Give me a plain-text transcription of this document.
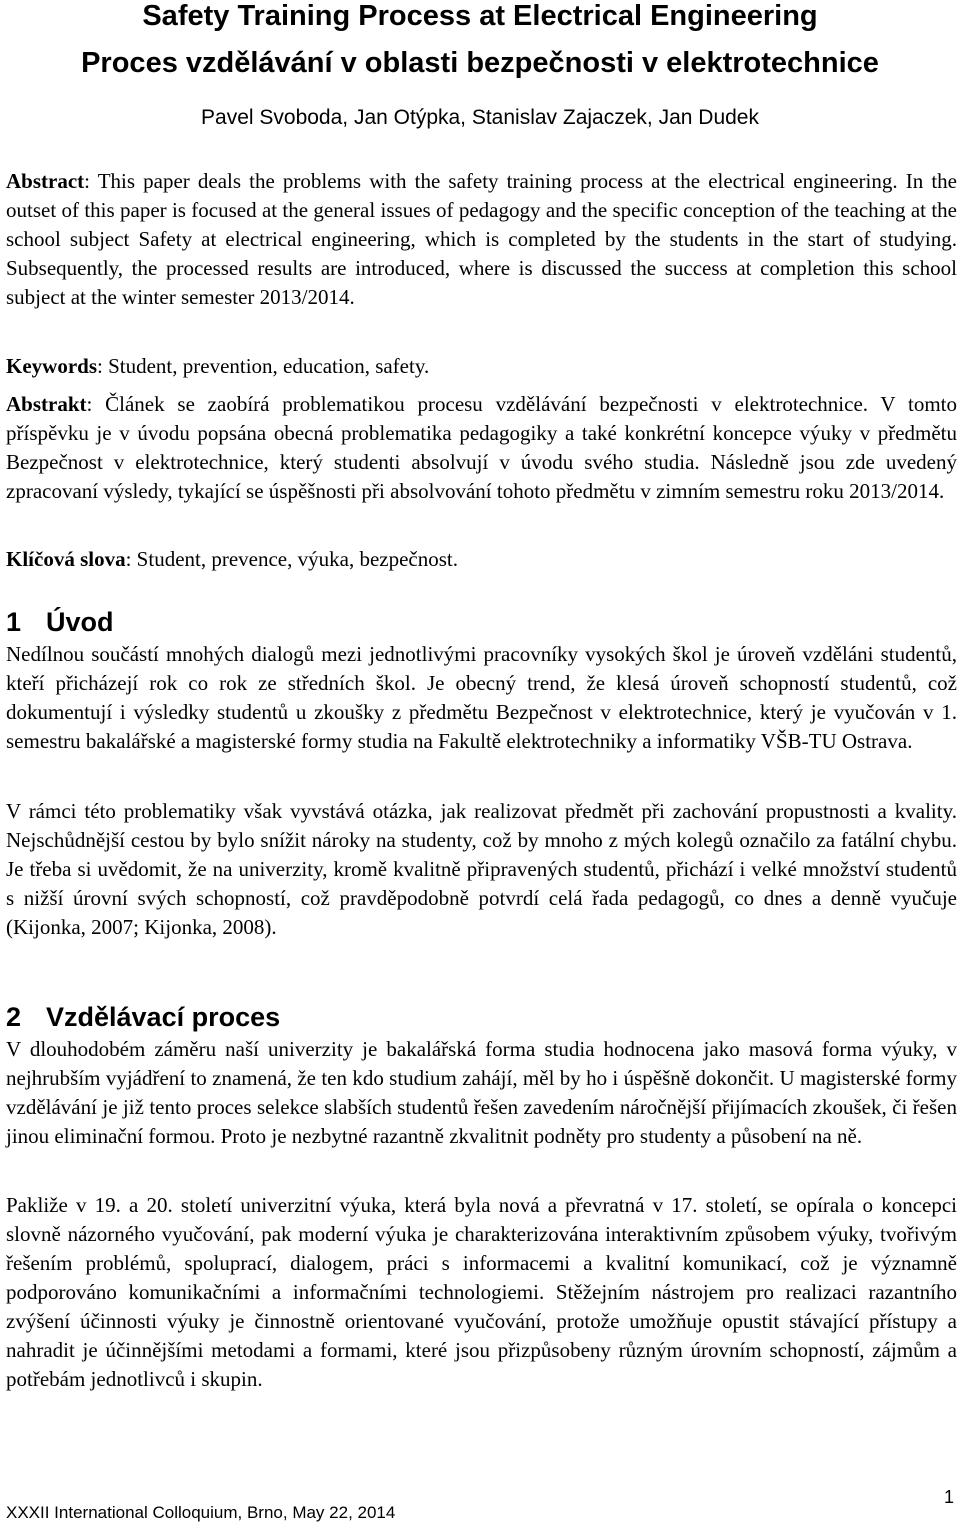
Safety Training Process at Electrical Engineering
Proces vzdělávání v oblasti bezpečnosti v elektrotechnice
Pavel Svoboda, Jan Otýpka, Stanislav Zajaczek, Jan Dudek

Abstract: This paper deals the problems with the safety training process at the electrical engineering. In the outset of this paper is focused at the general issues of pedagogy and the specific conception of the teaching at the school subject Safety at electrical engineering, which is completed by the students in the start of studying. Subsequently, the processed results are introduced, where is discussed the success at completion this school subject at the winter semester 2013/2014.

Keywords: Student, prevention, education, safety.

Abstrakt: Článek se zaobírá problematikou procesu vzdělávání bezpečnosti v elektrotechnice. V tomto příspěvku je v úvodu popsána obecná problematika pedagogiky a také konkrétní koncepce výuky v předmětu Bezpečnost v elektrotechnice, který studenti absolvují v úvodu svého studia. Následně jsou zde uvedený zpracovaní výsledy, tykající se úspěšnosti při absolvování tohoto předmětu v zimním semestru roku 2013/2014.

Klíčová slova: Student, prevence, výuka, bezpečnost.

1 Úvod

Nedílnou součástí mnohých dialogů mezi jednotlivými pracovníky vysokých škol je úroveň vzděláni studentů, kteří přicházejí rok co rok ze středních škol. Je obecný trend, že klesá úroveň schopností studentů, což dokumentují i výsledky studentů u zkoušky z předmětu Bezpečnost v elektrotechnice, který je vyučován v 1. semestru bakalářské a magisterské formy studia na Fakultě elektrotechniky a informatiky VŠB-TU Ostrava.

V rámci této problematiky však vyvstává otázka, jak realizovat předmět při zachování propustnosti a kvality. Nejschůdnější cestou by bylo snížit nároky na studenty, což by mnoho z mých kolegů označilo za fatální chybu. Je třeba si uvědomit, že na univerzity, kromě kvalitně připravených studentů, přichází i velké množství studentů s nižší úrovní svých schopností, což pravděpodobně potvrdí celá řada pedagogů, co dnes a denně vyučuje (Kijonka, 2007; Kijonka, 2008).

2 Vzdělávací proces

V dlouhodobém záměru naší univerzity je bakalářská forma studia hodnocena jako masová forma výuky, v nejhrubším vyjádření to znamená, že ten kdo studium zahájí, měl by ho i úspěšně dokončit. U magisterské formy vzdělávání je již tento proces selekce slabších studentů řešen zavedením náročnější přijímacích zkoušek, či řešen jinou eliminační formou. Proto je nezbytné razantně zkvalitnit podněty pro studenty a působení na ně.

Pakliže v 19. a 20. století univerzitní výuka, která byla nová a převratná v 17. století, se opírala o koncepci slovně názorného vyučování, pak moderní výuka je charakterizována interaktivním způsobem výuky, tvořivým řešením problémů, spoluprací, dialogem, práci s informacemi a kvalitní komunikací, což je významně podporováno komunikačními a informačními technologiemi. Stěžejním nástrojem pro realizaci razantního zvýšení účinnosti výuky je činnostně orientované vyučování, protože umožňuje opustit stávající přístupy a nahradit je účinnějšími metodami a formami, které jsou přizpůsobeny různým úrovním schopností, zájmům a potřebám jednotlivců i skupin.

XXXII International Colloquium, Brno, May 22, 2014
1
